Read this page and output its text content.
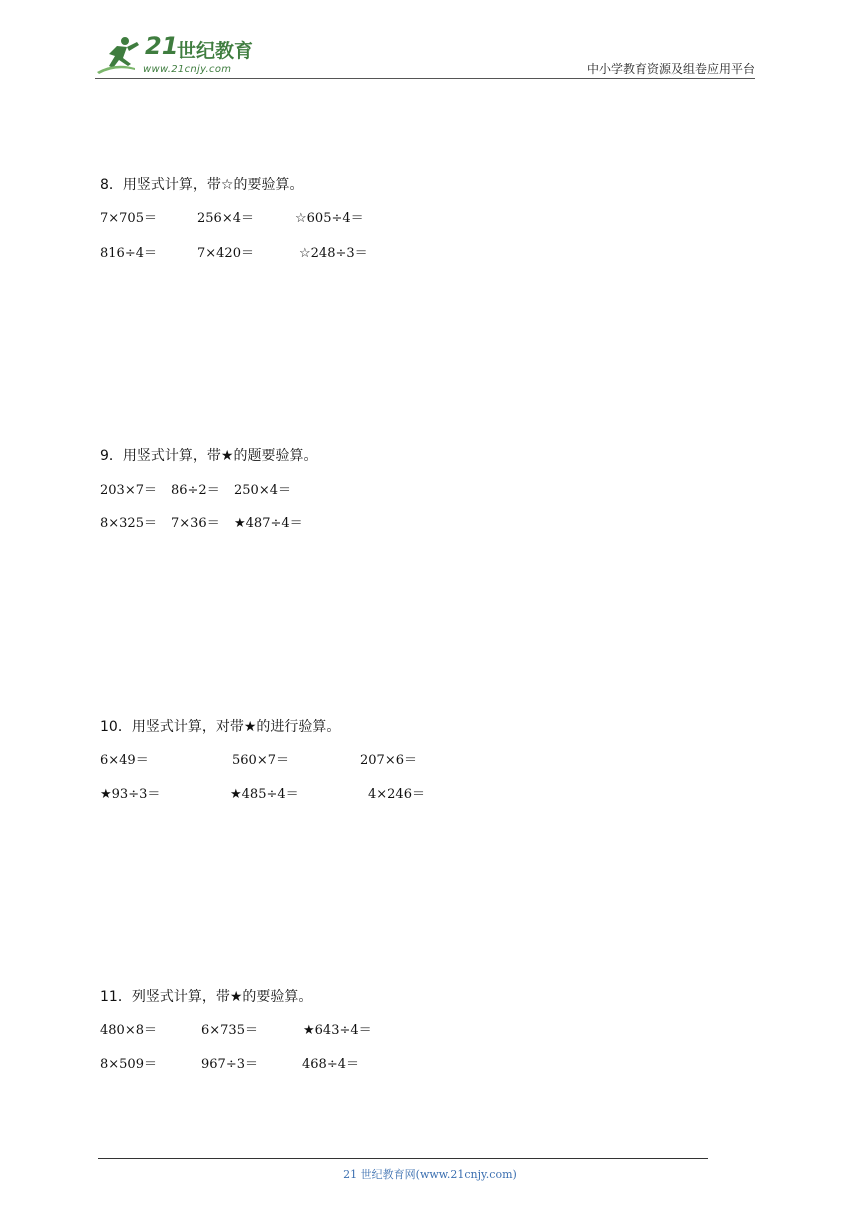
21
世纪教育
www.21cnjy.com	中小学教育资源及组卷应用平台
8．用竖式计算，带☆的要验算。
7×705＝	256×4＝	☆605÷4＝
816÷4＝	7×420＝	☆248÷3＝
9．用竖式计算，带★的题要验算。
203×7＝ 86÷2＝ 250×4＝
8×325＝ 7×36＝ ★487÷4＝
10．用竖式计算，对带★的进行验算。
6×49＝	560×7＝	207×6＝
★93÷3＝	★485÷4＝	4×246＝
11．列竖式计算，带★的要验算。
480×8＝	6×735＝	★643÷4＝
8×509＝	967÷3＝	468÷4＝
21 世纪教育网(www.21cnjy.com)
